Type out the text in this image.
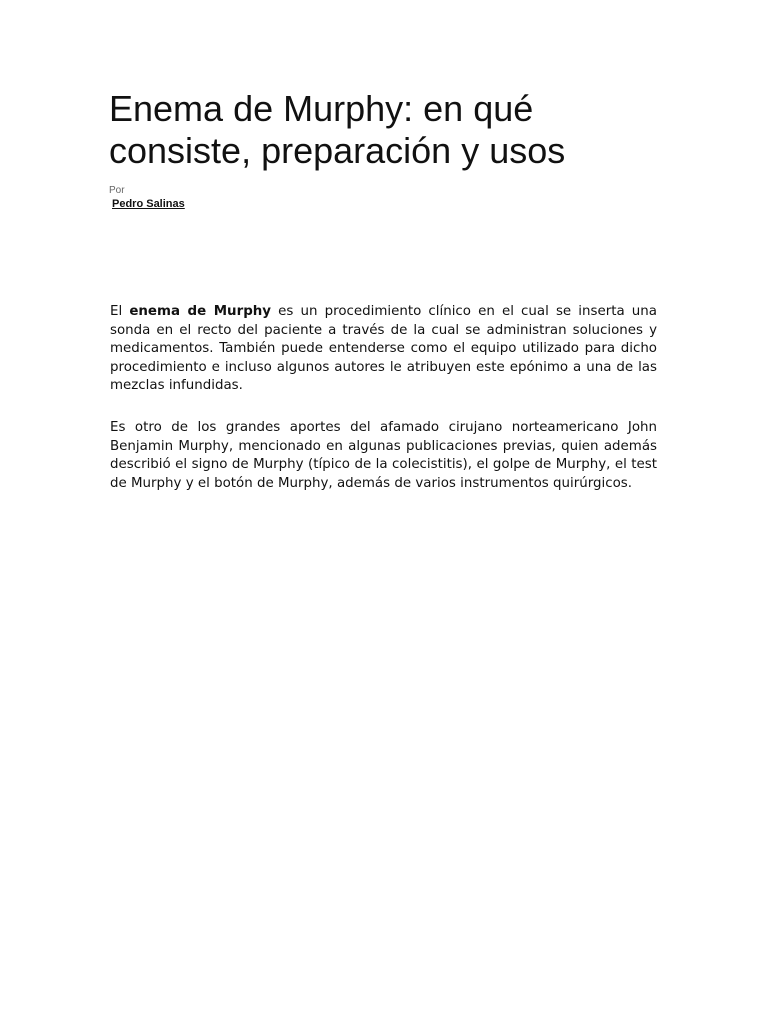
Enema de Murphy: en qué consiste, preparación y usos
Por
Pedro Salinas

El enema de Murphy es un procedimiento clínico en el cual se inserta una sonda en el recto del paciente a través de la cual se administran soluciones y medicamentos. También puede entenderse como el equipo utilizado para dicho procedimiento e incluso algunos autores le atribuyen este epónimo a una de las mezclas infundidas.

Es otro de los grandes aportes del afamado cirujano norteamericano John Benjamin Murphy, mencionado en algunas publicaciones previas, quien además describió el signo de Murphy (típico de la colecistitis), el golpe de Murphy, el test de Murphy y el botón de Murphy, además de varios instrumentos quirúrgicos.
